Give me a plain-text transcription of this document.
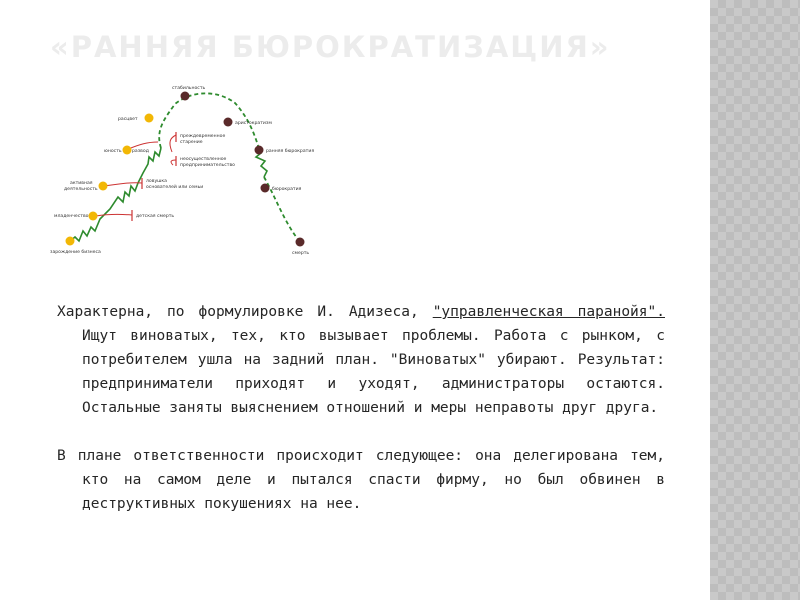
«РАННЯЯ БЮРОКРАТИЗАЦИЯ»
стабильность
аристократизм
ранняя бюрократия
бюрократия
смерть
расцвет
юность развод
активная
деятельность
младенчество
зарождение бизнеса
преждевременное
старение
неосуществленное
предпринимательство
ловушка
основателей или семьи
детская смерть

Характерна, по формулировке И. Адизеса, "управленческая паранойя". Ищут виноватых, тех, кто вызывает проблемы. Работа с рынком, с потребителем ушла на задний план. "Виноватых" убирают. Результат: предприниматели приходят и уходят, администраторы остаются. Остальные заняты выяснением отношений и меры неправоты друг друга.

В плане ответственности происходит следующее: она делегирована тем, кто на самом деле и пытался спасти фирму, но был обвинен в деструктивных покушениях на нее.
